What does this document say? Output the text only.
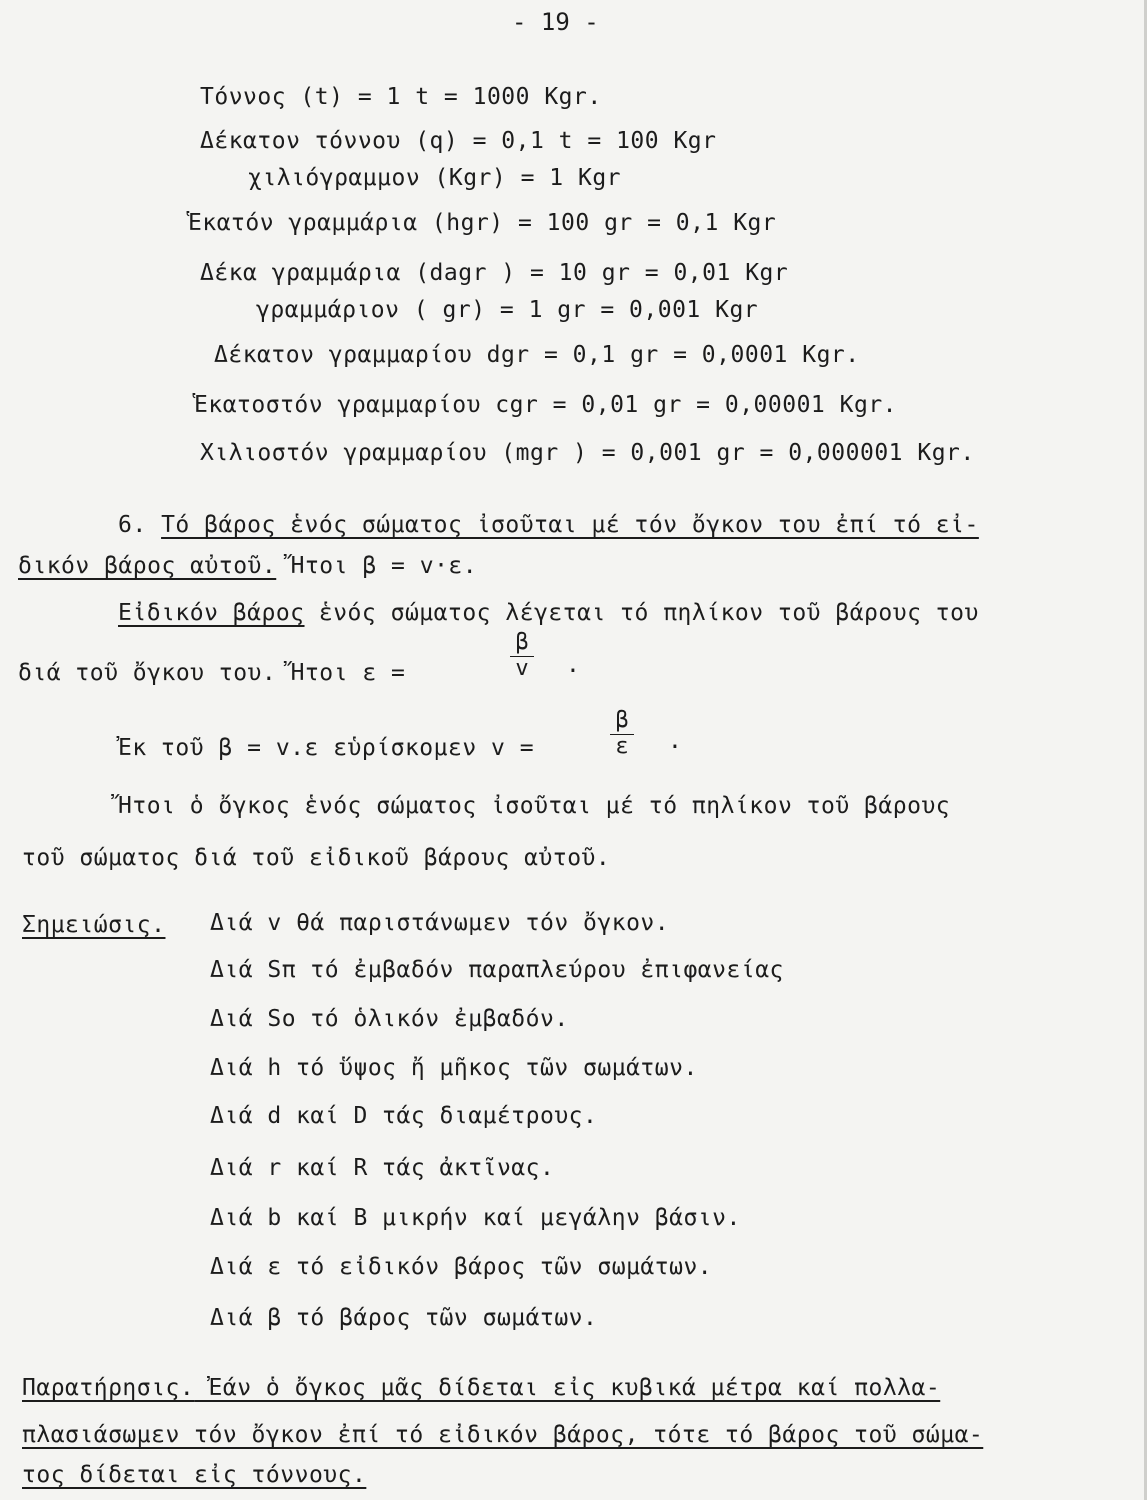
- 19 -
Τόννος (t) = 1 t = 1000 Kgr.
Δέκατον τόννου (q) = 0,1 t = 100 Kgr
χιλιόγραμμον (Kgr) = 1 Kgr
Ἑκατόν γραμμάρια (hgr) = 100 gr = 0,1 Kgr
Δέκα γραμμάρια (dagr ) = 10 gr = 0,01 Kgr
γραμμάριον ( gr) = 1 gr = 0,001 Kgr
Δέκατον γραμμαρίου dgr = 0,1 gr = 0,0001 Kgr.
Ἑκατοστόν γραμμαρίου cgr = 0,01 gr = 0,00001 Kgr.
Χιλιοστόν γραμμαρίου (mgr ) = 0,001 gr = 0,000001 Kgr.
6. Τό βάρος ἑνός σώματος ἰσοῦται μέ τόν ὄγκον του ἐπί τό εἰ-
δικόν βάρος αὐτοῦ. Ἤτοι β = v·ε.
Εἰδικόν βάρος ἑνός σώματος λέγεται τό πηλίκον τοῦ βάρους του
διά τοῦ ὄγκου του. Ἤτοι ε =
β
v	.
Ἐκ τοῦ β = v.ε εὑρίσκομεν v =
β
ε	.
Ἤτοι ὁ ὄγκος ἑνός σώματος ἰσοῦται μέ τό πηλίκον τοῦ βάρους
τοῦ σώματος διά τοῦ εἰδικοῦ βάρους αὐτοῦ.
Σημειώσις. Διά v θά παριστάνωμεν τόν ὄγκον.
Διά Sπ τό ἐμβαδόν παραπλεύρου ἐπιφανείας
Διά So τό ὁλικόν ἐμβαδόν.
Διά h τό ὕψος ἤ μῆκος τῶν σωμάτων.
Διά d καί D τάς διαμέτρους.
Διά r καί R τάς ἀκτῖνας.
Διά b καί B μικρήν καί μεγάλην βάσιν.
Διά ε τό εἰδικόν βάρος τῶν σωμάτων.
Διά β τό βάρος τῶν σωμάτων.
Παρατήρησις. Ἐάν ὁ ὄγκος μᾶς δίδεται εἰς κυβικά μέτρα καί πολλα-
πλασιάσωμεν τόν ὄγκον ἐπί τό εἰδικόν βάρος, τότε τό βάρος τοῦ σώμα-
τος δίδεται εἰς τόννους.
